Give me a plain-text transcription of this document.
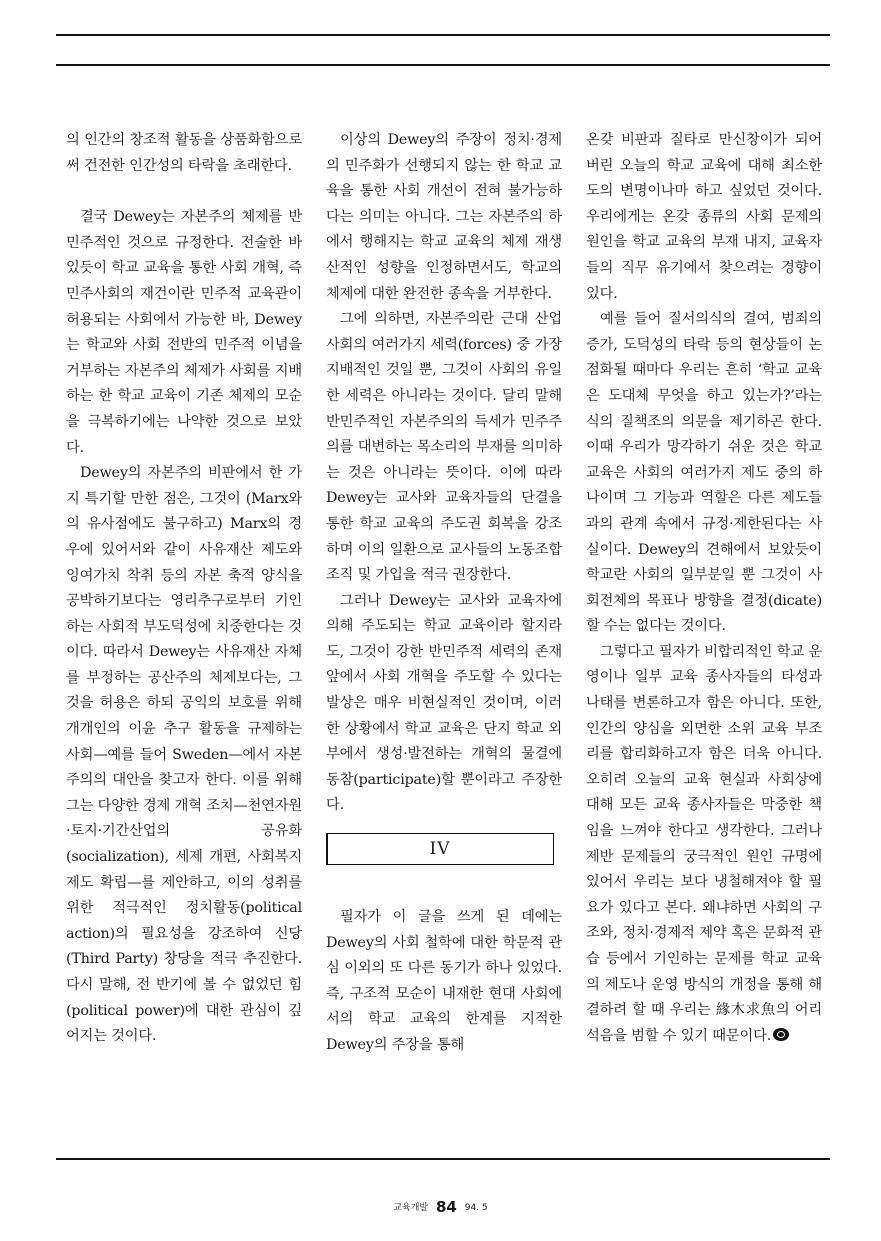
의 인간의 창조적 활동을 상품화함으로써 건전한 인간성의 타락을 초래한다.

결국 Dewey는 자본주의 체제를 반민주적인 것으로 규정한다. 전술한 바 있듯이 학교 교육을 통한 사회 개혁, 즉 민주사회의 재건이란 민주적 교육관이 허용되는 사회에서 가능한 바, Dewey는 학교와 사회 전반의 민주적 이념을 거부하는 자본주의 체제가 사회를 지배하는 한 학교 교육이 기존 체제의 모순을 극복하기에는 나약한 것으로 보았다.

Dewey의 자본주의 비판에서 한 가지 특기할 만한 점은, 그것이 (Marx와의 유사점에도 불구하고) Marx의 경우에 있어서와 같이 사유재산 제도와 잉여가치 착취 등의 자본 축적 양식을 공박하기보다는 영리추구로부터 기인하는 사회적 부도덕성에 치중한다는 것이다. 따라서 Dewey는 사유재산 자체를 부정하는 공산주의 체제보다는, 그것을 허용은 하되 공익의 보호를 위해 개개인의 이윤 추구 활동을 규제하는 사회—예를 들어 Sweden—에서 자본주의의 대안을 찾고자 한다. 이를 위해 그는 다양한 경제 개혁 조치—천연자원·토지·기간산업의 공유화(socialization), 세제 개편, 사회복지제도 확립—를 제안하고, 이의 성취를 위한 적극적인 정치활동(political action)의 필요성을 강조하여 신당(Third Party) 창당을 적극 추진한다. 다시 말해, 전 반기에 볼 수 없었던 힘(political power)에 대한 관심이 깊어지는 것이다.

이상의 Dewey의 주장이 정치·경제의 민주화가 선행되지 않는 한 학교 교육을 통한 사회 개선이 전혀 불가능하다는 의미는 아니다. 그는 자본주의 하에서 행해지는 학교 교육의 체제 재생산적인 성향을 인정하면서도, 학교의 체제에 대한 완전한 종속을 거부한다.

그에 의하면, 자본주의란 근대 산업사회의 여러가지 세력(forces) 중 가장 지배적인 것일 뿐, 그것이 사회의 유일한 세력은 아니라는 것이다. 달리 말해 반민주적인 자본주의의 득세가 민주주의를 대변하는 목소리의 부재를 의미하는 것은 아니라는 뜻이다. 이에 따라 Dewey는 교사와 교육자들의 단결을 통한 학교 교육의 주도권 회복을 강조하며 이의 일환으로 교사들의 노동조합 조직 및 가입을 적극 권장한다.

그러나 Dewey는 교사와 교육자에 의해 주도되는 학교 교육이라 할지라도, 그것이 강한 반민주적 세력의 존재 앞에서 사회 개혁을 주도할 수 있다는 발상은 매우 비현실적인 것이며, 이러한 상황에서 학교 교육은 단지 학교 외부에서 생성·발전하는 개혁의 물결에 동참(participate)할 뿐이라고 주장한다.

IV

필자가 이 글을 쓰게 된 데에는 Dewey의 사회 철학에 대한 학문적 관심 이외의 또 다른 동기가 하나 있었다. 즉, 구조적 모순이 내재한 현대 사회에서의 학교 교육의 한계를 지적한 Dewey의 주장을 통해

온갖 비판과 질타로 만신창이가 되어 버린 오늘의 학교 교육에 대해 최소한도의 변명이나마 하고 싶었던 것이다. 우리에게는 온갖 종류의 사회 문제의 원인을 학교 교육의 부재 내지, 교육자들의 직무 유기에서 찾으려는 경향이 있다.

예를 들어 질서의식의 결여, 범죄의 증가, 도덕성의 타락 등의 현상들이 논점화될 때마다 우리는 흔히 ‘학교 교육은 도대체 무엇을 하고 있는가?’라는 식의 질책조의 의문을 제기하곤 한다. 이때 우리가 망각하기 쉬운 것은 학교 교육은 사회의 여러가지 제도 중의 하나이며 그 기능과 역할은 다른 제도들과의 관계 속에서 규정·제한된다는 사실이다. Dewey의 견해에서 보았듯이 학교란 사회의 일부분일 뿐 그것이 사회전체의 목표나 방향을 결정(dicate)할 수는 없다는 것이다.

그렇다고 필자가 비합리적인 학교 운영이나 일부 교육 종사자들의 타성과 나태를 변론하고자 함은 아니다. 또한, 인간의 양심을 외면한 소위 교육 부조리를 합리화하고자 함은 더욱 아니다. 오히려 오늘의 교육 현실과 사회상에 대해 모든 교육 종사자들은 막중한 책임을 느껴야 한다고 생각한다. 그러나 제반 문제들의 궁극적인 원인 규명에 있어서 우리는 보다 냉철해져야 할 필요가 있다고 본다. 왜냐하면 사회의 구조와, 정치·경제적 제약 혹은 문화적 관습 등에서 기인하는 문제를 학교 교육의 제도나 운영 방식의 개정을 통해 해결하려 할 때 우리는 緣木求魚의 어리석음을 범할 수 있기 때문이다.

교육개발 84 94. 5
